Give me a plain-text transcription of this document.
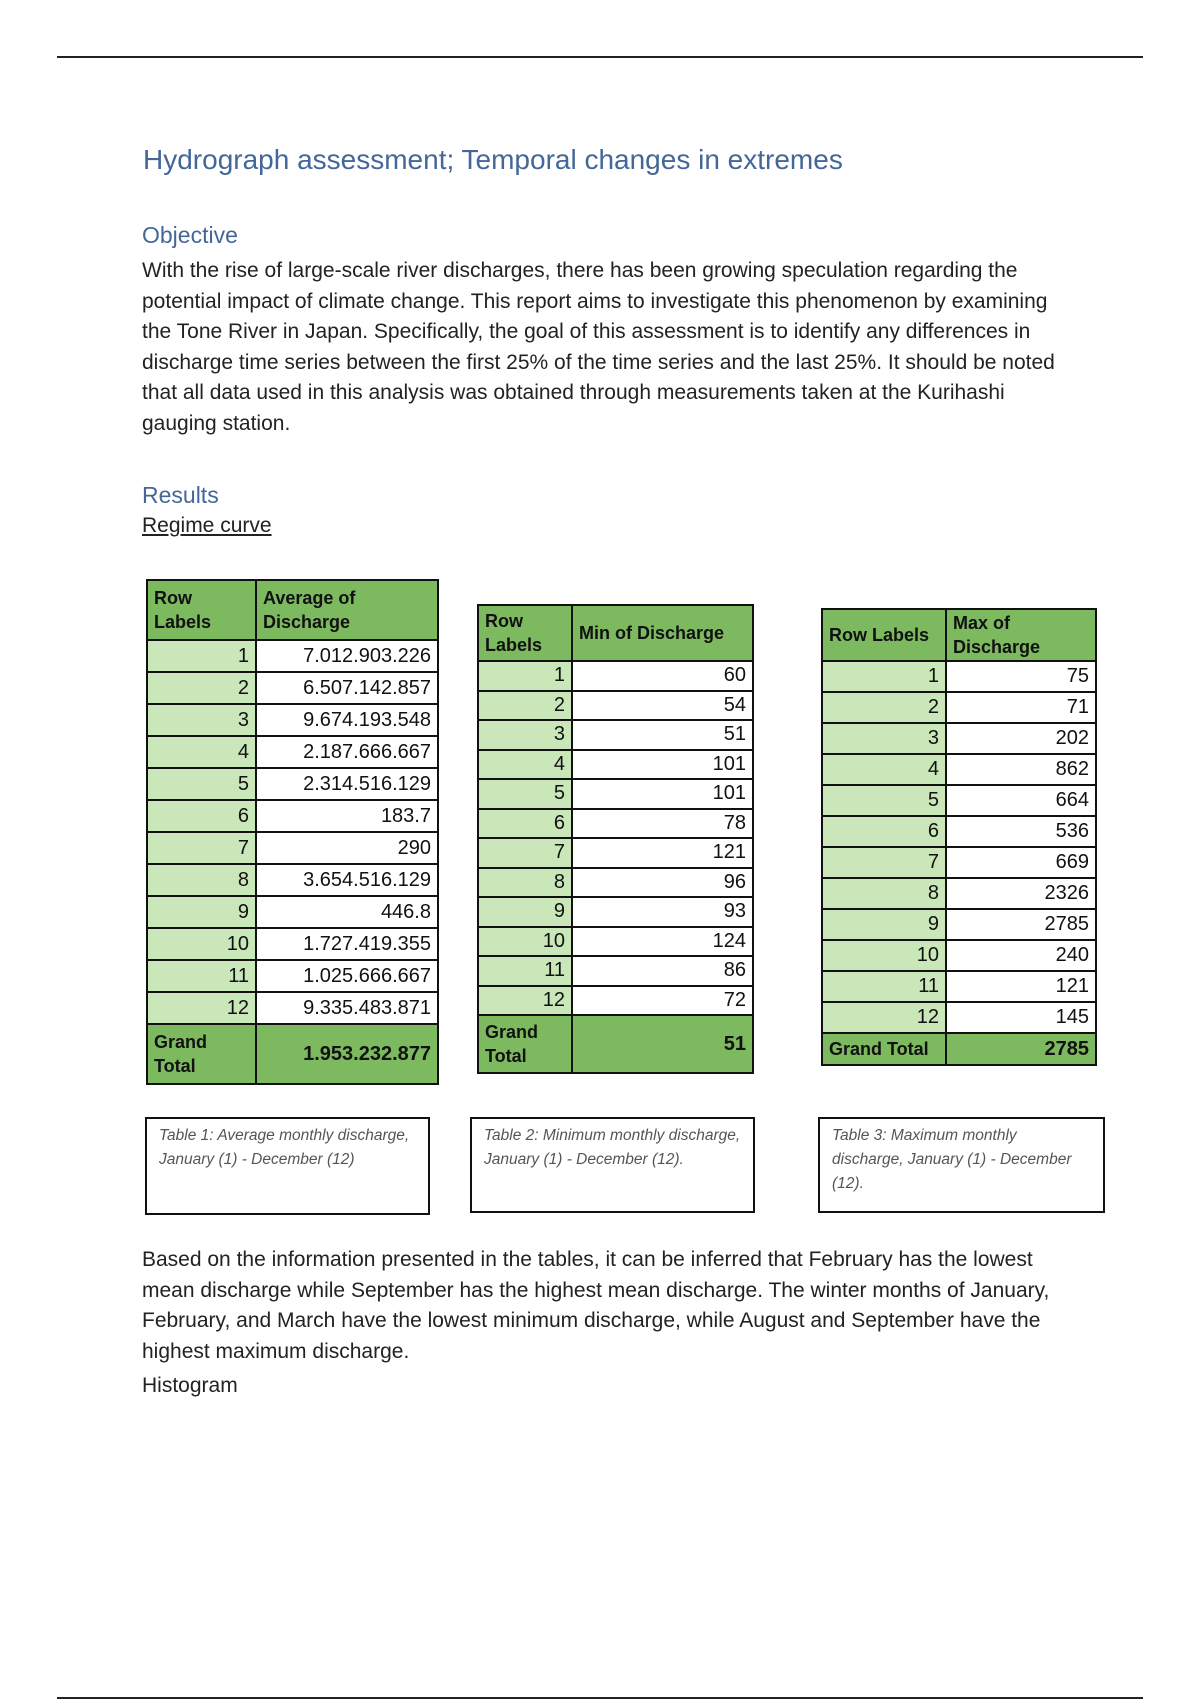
Hydrograph assessment; Temporal changes in extremes
Objective

With the rise of large-scale river discharges, there has been growing speculation regarding the potential impact of climate change. This report aims to investigate this phenomenon by examining the Tone River in Japan. Specifically, the goal of this assessment is to identify any differences in discharge time series between the first 25% of the time series and the last 25%. It should be noted that all data used in this analysis was obtained through measurements taken at the Kurihashi gauging station.

Results

Regime curve

Row Labels	Average of Discharge
1	7.012.903.226
2	6.507.142.857
3	9.674.193.548
4	2.187.666.667
5	2.314.516.129
6	183.7
7	290
8	3.654.516.129
9	446.8
10	1.727.419.355
11	1.025.666.667
12	9.335.483.871
Grand Total	1.953.232.877
Row Labels	Min of Discharge
1	60
2	54
3	51
4	101
5	101
6	78
7	121
8	96
9	93
10	124
11	86
12	72
Grand Total	51
Row Labels	Max of Discharge
1	75
2	71
3	202
4	862
5	664
6	536
7	669
8	2326
9	2785
10	240
11	121
12	145
Grand Total	2785
Table 1: Average monthly discharge, January (1) - December (12)
Table 2: Minimum monthly discharge, January (1) - December (12).
Table 3: Maximum monthly discharge, January (1) - December (12).

Based on the information presented in the tables, it can be inferred that February has the lowest mean discharge while September has the highest mean discharge. The winter months of January, February, and March have the lowest minimum discharge, while August and September have the highest maximum discharge.

Histogram
